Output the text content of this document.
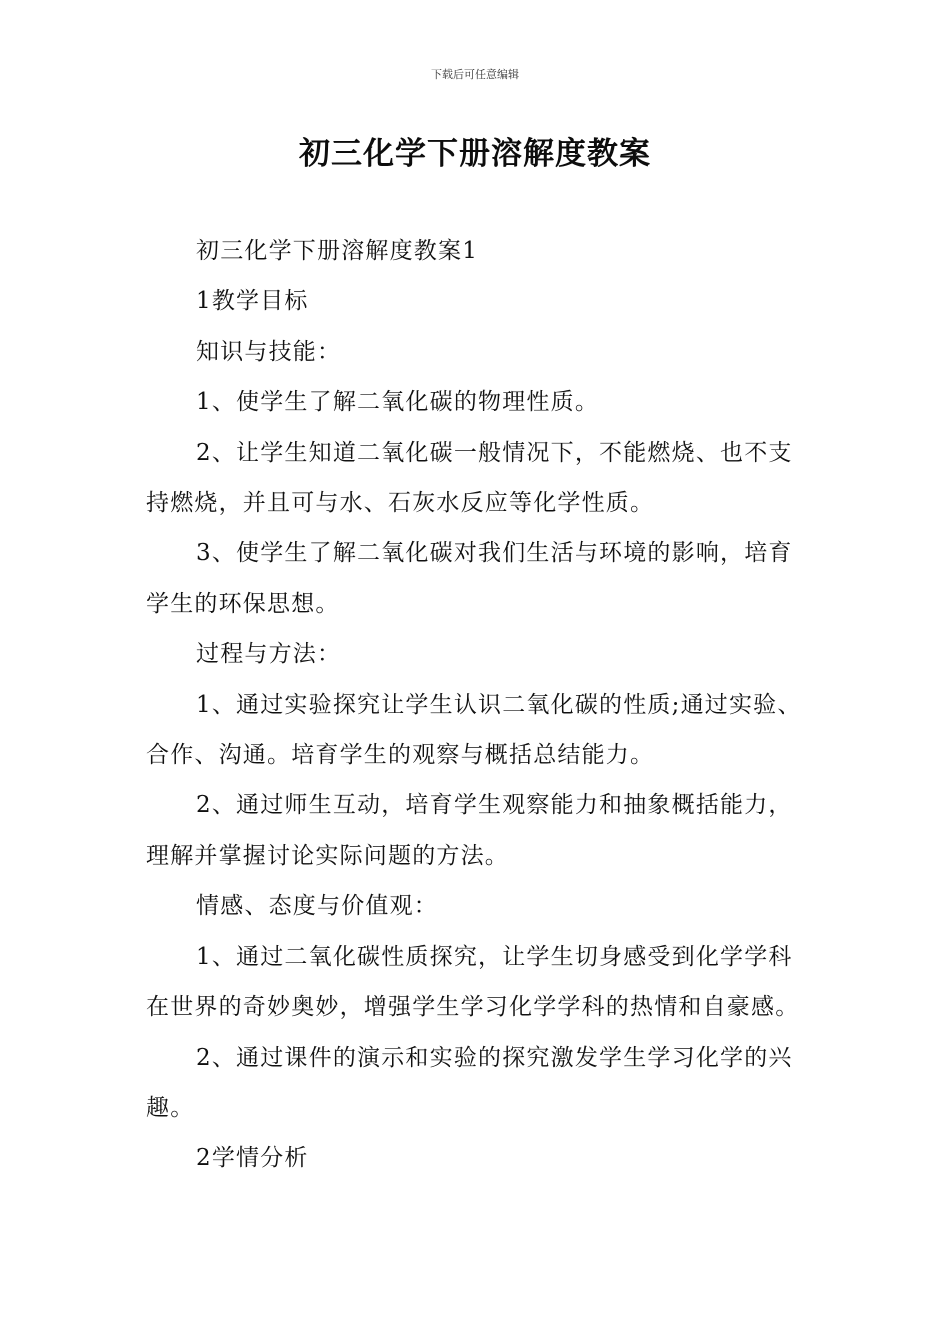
下载后可任意编辑
初三化学下册溶解度教案

初三化学下册溶解度教案1

1教学目标

知识与技能：

1、使学生了解二氧化碳的物理性质。

2、让学生知道二氧化碳一般情况下，不能燃烧、也不支持燃烧，并且可与水、石灰水反应等化学性质。

3、使学生了解二氧化碳对我们生活与环境的影响，培育学生的环保思想。

过程与方法：

1、通过实验探究让学生认识二氧化碳的性质;通过实验、合作、沟通。培育学生的观察与概括总结能力。

2、通过师生互动，培育学生观察能力和抽象概括能力，理解并掌握讨论实际问题的方法。

情感、态度与价值观：

1、通过二氧化碳性质探究，让学生切身感受到化学学科在世界的奇妙奥妙，增强学生学习化学学科的热情和自豪感。

2、通过课件的演示和实验的探究激发学生学习化学的兴趣。

2学情分析
